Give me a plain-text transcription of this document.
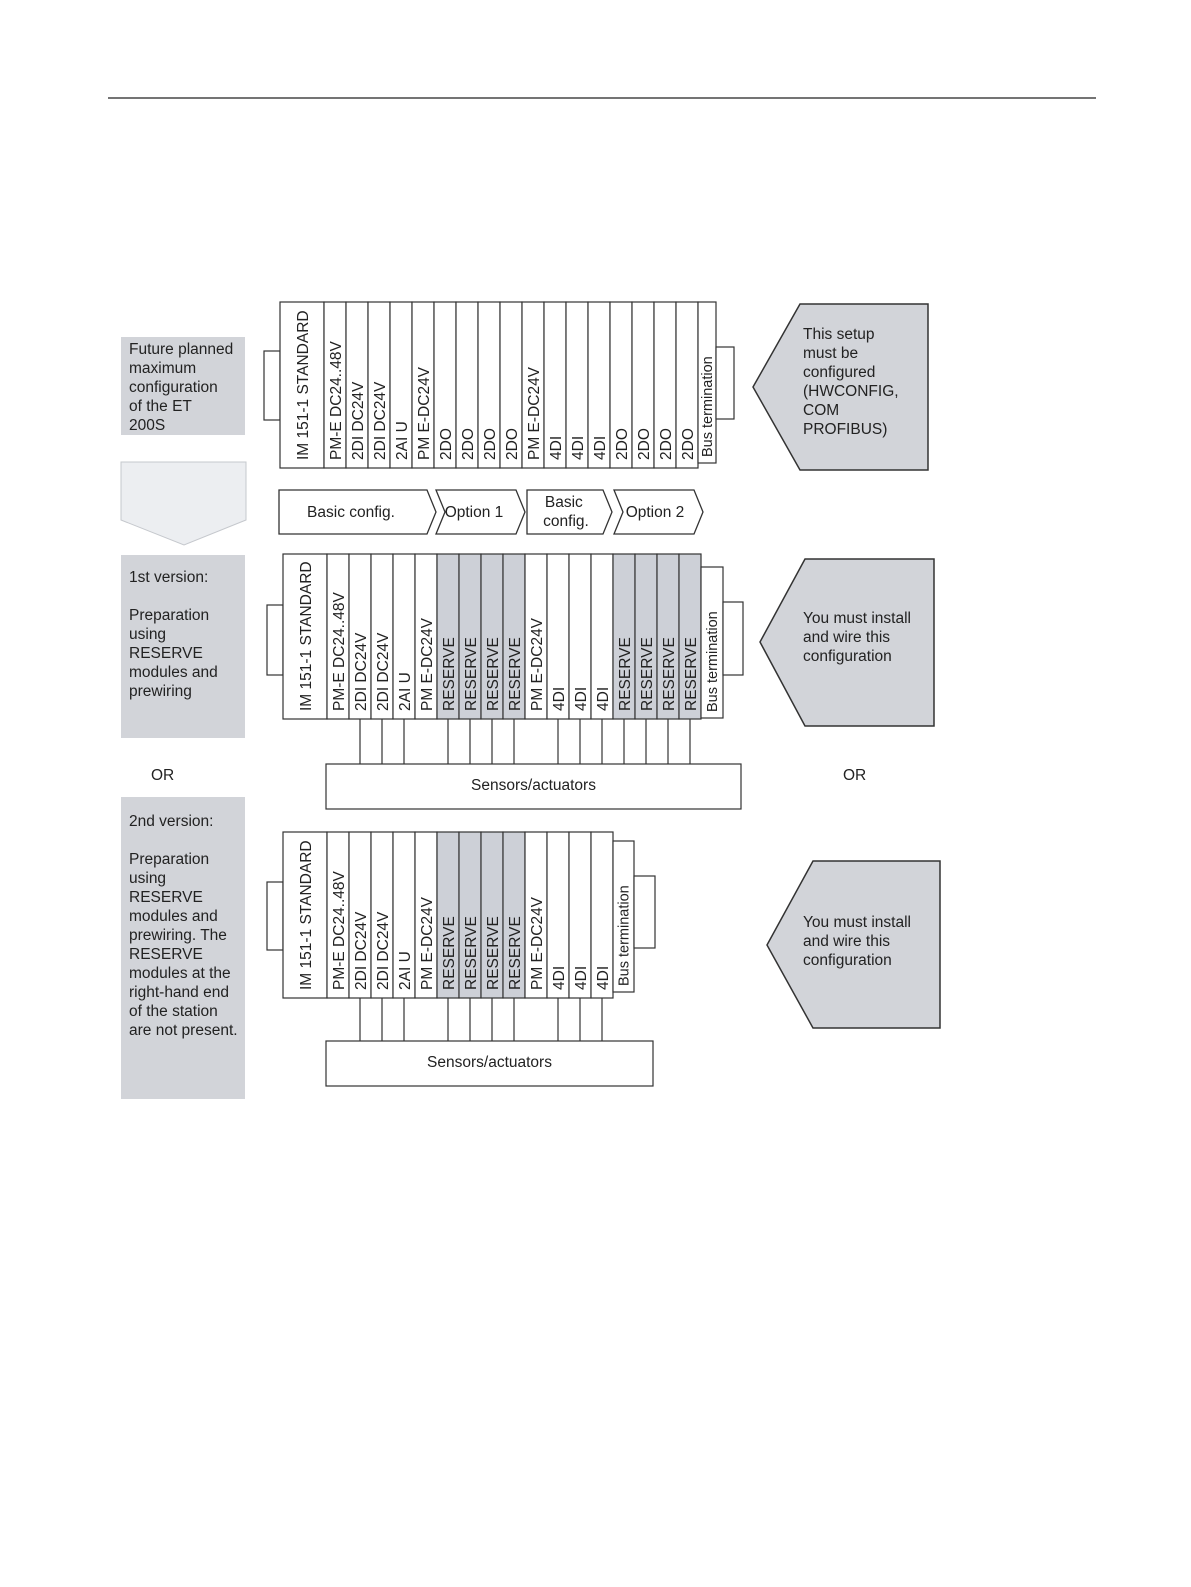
Future planned maximum configuration of the ET 200S
1st version: Preparation using RESERVE modules and prewiring
OR	OR
2nd version: Preparation using RESERVE modules and prewiring. The RESERVE modules at the right-hand end of the station are not present.
IM 151-1 STANDARD PM-E DC24..48V 2DI DC24V 2DI DC24V 2AI U PM E-DC24V 2DO 2DO 2DO 2DO PM E-DC24V 4DI 4DI 4DI 2DO 2DO 2DO 2DO Bus termination
IM 151-1 STANDARD PM-E DC24..48V 2DI DC24V 2DI DC24V 2AI U PM E-DC24V RESERVE RESERVE RESERVE RESERVE PM E-DC24V 4DI 4DI 4DI RESERVE RESERVE RESERVE RESERVE Bus termination
Sensors/actuators
IM 151-1 STANDARD PM-E DC24..48V 2DI DC24V 2DI DC24V 2AI U PM E-DC24V RESERVE RESERVE RESERVE RESERVE PM E-DC24V 4DI 4DI 4DI Bus termination
Sensors/actuators
Basic config.	Option 1
Basic config.
Option 2
This setup must be configured (HWCONFIG, COM PROFIBUS)
You must install and wire this configuration
You must install and wire this configuration
